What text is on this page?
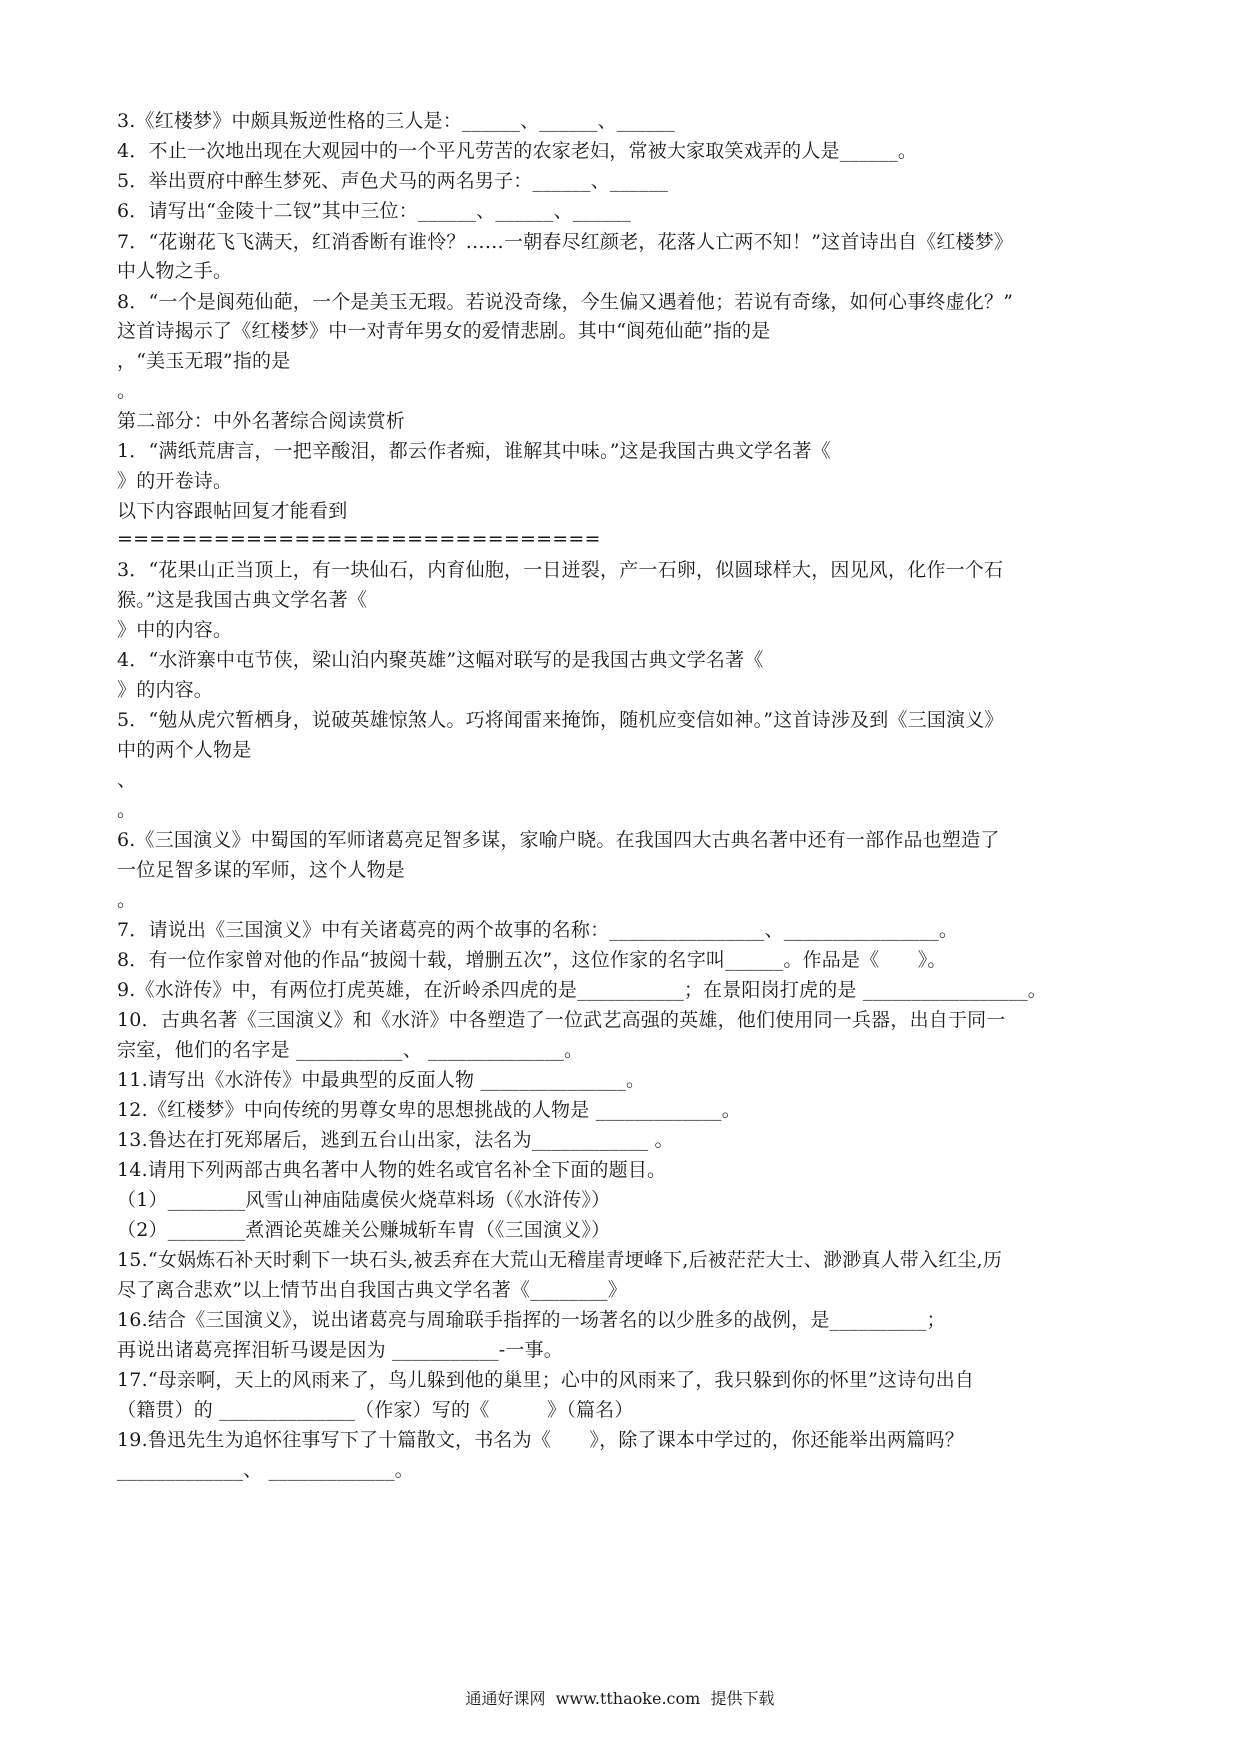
3.《红楼梦》中颇具叛逆性格的三人是：______、______、______
4．不止一次地出现在大观园中的一个平凡劳苦的农家老妇，常被大家取笑戏弄的人是______。
5．举出贾府中醉生梦死、声色犬马的两名男子：______、______
6．请写出“金陵十二钗”其中三位：______、______、______
7．“花谢花飞飞满天，红消香断有谁怜？……一朝春尽红颜老，花落人亡两不知！”这首诗出自《红楼梦》
中人物之手。
8．“一个是阆苑仙葩，一个是美玉无瑕。若说没奇缘，今生偏又遇着他；若说有奇缘，如何心事终虚化？”
这首诗揭示了《红楼梦》中一对青年男女的爱情悲剧。其中“阆苑仙葩”指的是
，“美玉无瑕”指的是
。
第二部分：中外名著综合阅读赏析
1．“满纸荒唐言，一把辛酸泪，都云作者痴，谁解其中味。”这是我国古典文学名著《
》的开卷诗。
以下内容跟帖回复才能看到
==============================
3．“花果山正当顶上，有一块仙石，内育仙胞，一日迸裂，产一石卵，似圆球样大，因见风，化作一个石
猴。”这是我国古典文学名著《
》中的内容。
4．“水浒寨中屯节侠，梁山泊内聚英雄”这幅对联写的是我国古典文学名著《
》的内容。
5．“勉从虎穴暂栖身，说破英雄惊煞人。巧将闻雷来掩饰，随机应变信如神。”这首诗涉及到《三国演义》
中的两个人物是
、
。
6.《三国演义》中蜀国的军师诸葛亮足智多谋，家喻户晓。在我国四大古典名著中还有一部作品也塑造了
一位足智多谋的军师，这个人物是
。
7．请说出《三国演义》中有关诸葛亮的两个故事的名称：________________、________________。
8．有一位作家曾对他的作品“披阅十载，增删五次”，这位作家的名字叫______。作品是《　　》。
9.《水浒传》中，有两位打虎英雄，在沂岭杀四虎的是___________；在景阳岗打虎的是 _________________。
10．古典名著《三国演义》和《水浒》中各塑造了一位武艺高强的英雄，他们使用同一兵器，出自于同一
宗室，他们的名字是 ___________、 ______________。
11.请写出《水浒传》中最典型的反面人物 _______________。
12.《红楼梦》中向传统的男尊女卑的思想挑战的人物是 _____________。
13.鲁达在打死郑屠后，逃到五台山出家，法名为____________ 。
14.请用下列两部古典名著中人物的姓名或官名补全下面的题目。
（1）________风雪山神庙陆虞侯火烧草料场（《水浒传》）
（2）________煮酒论英雄关公赚城斩车胄（《三国演义》）
15.“女娲炼石补天时剩下一块石头,被丢弃在大荒山无稽崖青埂峰下,后被茫茫大士、渺渺真人带入红尘,历
尽了离合悲欢”以上情节出自我国古典文学名著《________》
16.结合《三国演义》，说出诸葛亮与周瑜联手指挥的一场著名的以少胜多的战例，是__________；
再说出诸葛亮挥泪斩马谡是因为 ___________-一事。
17.“母亲啊，天上的风雨来了，鸟儿躲到他的巢里；心中的风雨来了，我只躲到你的怀里”这诗句出自
（籍贯）的 ______________（作家）写的《　　　》（篇名）
19.鲁迅先生为追怀往事写下了十篇散文，书名为《　　》，除了课本中学过的，你还能举出两篇吗？
_____________、 _____________。
通通好课网  www.tthaoke.com  提供下载
